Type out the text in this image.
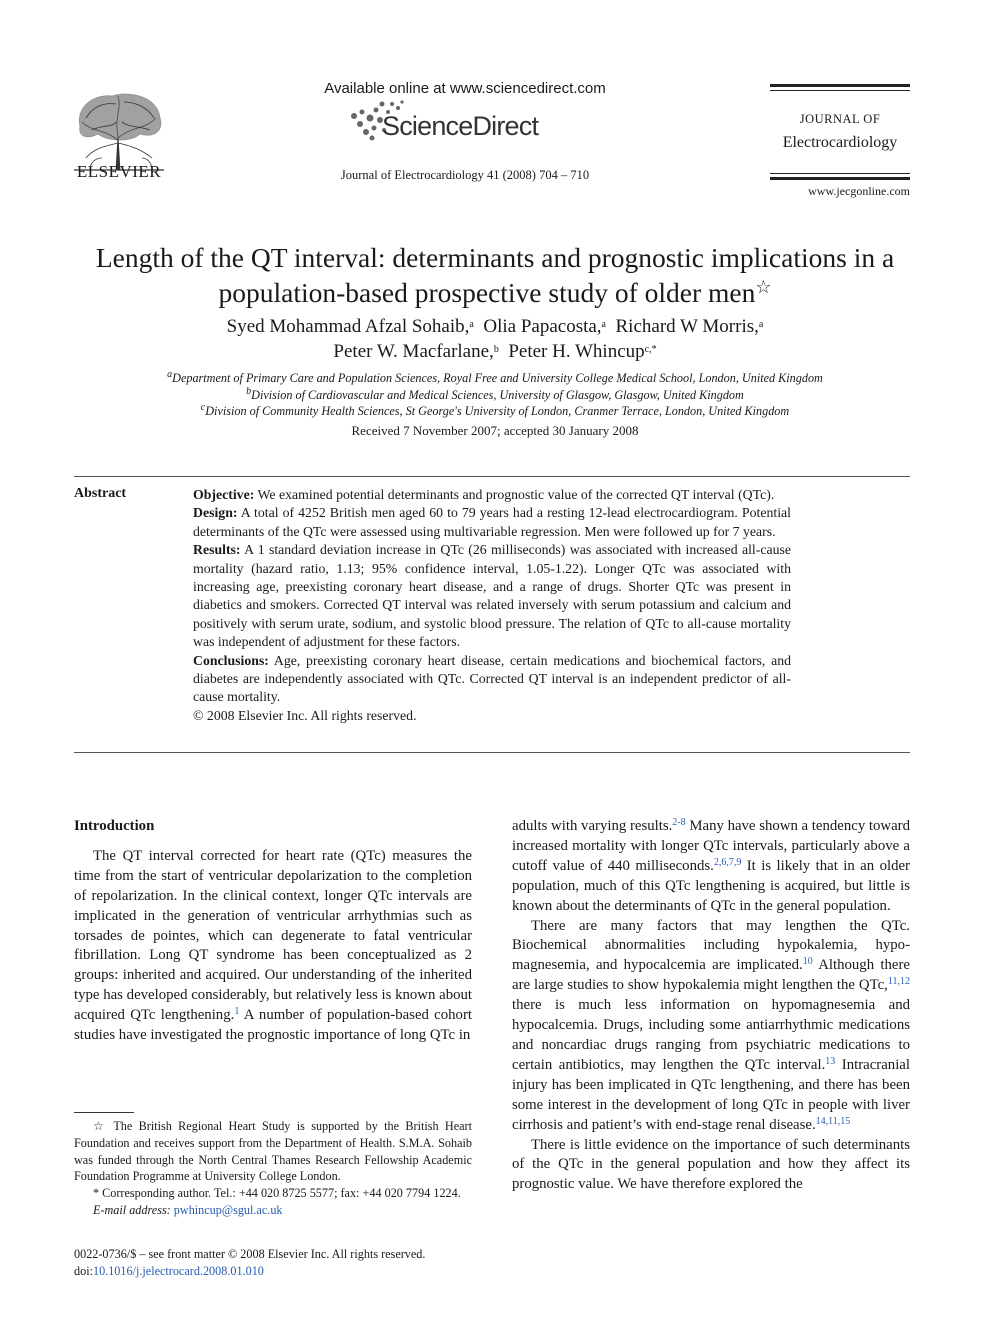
ELSEVIER
Available online at www.sciencedirect.com
ScienceDirect
Journal of Electrocardiology 41 (2008) 704 – 710
JOURNAL OF
Electrocardiology
www.jecgonline.com
Length of the QT interval: determinants and prognostic implications in a
population-based prospective study of older men☆
Syed Mohammad Afzal Sohaib,$^a$ Olia Papacosta,$^a$ Richard W Morris,$^a$
Peter W. Macfarlane,$^b$ Peter H. Whincup$^{c,*}$
$^a$Department of Primary Care and Population Sciences, Royal Free and University College Medical School, London, United Kingdom
$^b$Division of Cardiovascular and Medical Sciences, University of Glasgow, Glasgow, United Kingdom
$^c$Division of Community Health Sciences, St George's University of London, Cranmer Terrace, London, United Kingdom
Received 7 November 2007; accepted 30 January 2008
Abstract	Objective: We examined potential determinants and prognostic value of the corrected QT interval (QTc).

Design: A total of 4252 British men aged 60 to 79 years had a resting 12-lead electrocardiogram. Potential determinants of the QTc were assessed using multivariable regression. Men were followed up for 7 years.

Results: A 1 standard deviation increase in QTc (26 milliseconds) was associated with increased all-cause mortality (hazard ratio, 1.13; 95% confidence interval, 1.05-1.22). Longer QTc was associated with increasing age, preexisting coronary heart disease, and a range of drugs. Shorter QTc was present in diabetics and smokers. Corrected QT interval was related inversely with serum potassium and calcium and positively with serum urate, sodium, and systolic blood pressure. The relation of QTc to all-cause mortality was independent of adjustment for these factors.

Conclusions: Age, preexisting coronary heart disease, certain medications and biochemical factors, and diabetes are independently associated with QTc. Corrected QT interval is an independent predictor of all-cause mortality.

© 2008 Elsevier Inc. All rights reserved.

Introduction

The QT interval corrected for heart rate (QTc) measures the time from the start of ventricular depolarization to the completion of repolarization. In the clinical context, longer QTc intervals are implicated in the generation of ventricular arrhythmias such as torsades de pointes, which can degenerate to fatal ventricular fibrillation. Long QT syndrome has been conceptualized as 2 groups: inherited and acquired. Our understanding of the inherited type has developed considerably, but relatively less is known about acquired QTc lengthening.$^1$ A number of population-based cohort studies have investigated the prognostic importance of long QTc in

☆ The British Regional Heart Study is supported by the British Heart Foundation and receives support from the Department of Health. S.M.A. Sohaib was funded through the North Central Thames Research Fellowship Academic Foundation Programme at University College London.

* Corresponding author. Tel.: +44 020 8725 5577; fax: +44 020 7794 1224.

E-mail address: pwhincup@sgul.ac.uk

0022-0736/$ – see front matter © 2008 Elsevier Inc. All rights reserved.

doi:10.1016/j.jelectrocard.2008.01.010

adults with varying results.$^{2-8}$ Many have shown a tendency toward increased mortality with longer QTc intervals, particularly above a cutoff value of 440 milliseconds.$^{2,6,7,9}$ It is likely that in an older population, much of this QTc lengthening is acquired, but little is known about the determinants of QTc in the general population.

There are many factors that may lengthen the QTc. Biochemical abnormalities including hypokalemia, hypomagnesemia, and hypocalcemia are implicated.$^{10}$ Although there are large studies to show hypokalemia might lengthen the QTc,$^{11,12}$ there is much less information on hypomagnesemia and hypocalcemia. Drugs, including some antiarrhythmic medications and noncardiac drugs ranging from psychiatric medications to certain antibiotics, may lengthen the QTc interval.$^{13}$ Intracranial injury has been implicated in QTc lengthening, and there has been some interest in the development of long QTc in people with liver cirrhosis and patient’s with end-stage renal disease.$^{14,11,15}$

There is little evidence on the importance of such determinants of the QTc in the general population and how they affect its prognostic value. We have therefore explored the
